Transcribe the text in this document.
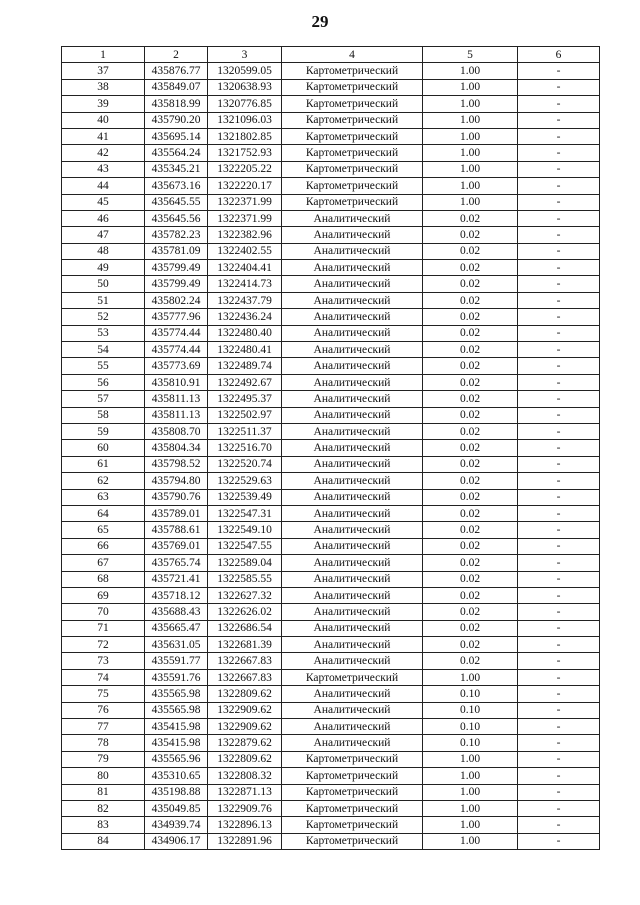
29
1	2	3	4	5	6
37	435876.77	1320599.05	Картометрический	1.00	-
38	435849.07	1320638.93	Картометрический	1.00	-
39	435818.99	1320776.85	Картометрический	1.00	-
40	435790.20	1321096.03	Картометрический	1.00	-
41	435695.14	1321802.85	Картометрический	1.00	-
42	435564.24	1321752.93	Картометрический	1.00	-
43	435345.21	1322205.22	Картометрический	1.00	-
44	435673.16	1322220.17	Картометрический	1.00	-
45	435645.55	1322371.99	Картометрический	1.00	-
46	435645.56	1322371.99	Аналитический	0.02	-
47	435782.23	1322382.96	Аналитический	0.02	-
48	435781.09	1322402.55	Аналитический	0.02	-
49	435799.49	1322404.41	Аналитический	0.02	-
50	435799.49	1322414.73	Аналитический	0.02	-
51	435802.24	1322437.79	Аналитический	0.02	-
52	435777.96	1322436.24	Аналитический	0.02	-
53	435774.44	1322480.40	Аналитический	0.02	-
54	435774.44	1322480.41	Аналитический	0.02	-
55	435773.69	1322489.74	Аналитический	0.02	-
56	435810.91	1322492.67	Аналитический	0.02	-
57	435811.13	1322495.37	Аналитический	0.02	-
58	435811.13	1322502.97	Аналитический	0.02	-
59	435808.70	1322511.37	Аналитический	0.02	-
60	435804.34	1322516.70	Аналитический	0.02	-
61	435798.52	1322520.74	Аналитический	0.02	-
62	435794.80	1322529.63	Аналитический	0.02	-
63	435790.76	1322539.49	Аналитический	0.02	-
64	435789.01	1322547.31	Аналитический	0.02	-
65	435788.61	1322549.10	Аналитический	0.02	-
66	435769.01	1322547.55	Аналитический	0.02	-
67	435765.74	1322589.04	Аналитический	0.02	-
68	435721.41	1322585.55	Аналитический	0.02	-
69	435718.12	1322627.32	Аналитический	0.02	-
70	435688.43	1322626.02	Аналитический	0.02	-
71	435665.47	1322686.54	Аналитический	0.02	-
72	435631.05	1322681.39	Аналитический	0.02	-
73	435591.77	1322667.83	Аналитический	0.02	-
74	435591.76	1322667.83	Картометрический	1.00	-
75	435565.98	1322809.62	Аналитический	0.10	-
76	435565.98	1322909.62	Аналитический	0.10	-
77	435415.98	1322909.62	Аналитический	0.10	-
78	435415.98	1322879.62	Аналитический	0.10	-
79	435565.96	1322809.62	Картометрический	1.00	-
80	435310.65	1322808.32	Картометрический	1.00	-
81	435198.88	1322871.13	Картометрический	1.00	-
82	435049.85	1322909.76	Картометрический	1.00	-
83	434939.74	1322896.13	Картометрический	1.00	-
84	434906.17	1322891.96	Картометрический	1.00	-
